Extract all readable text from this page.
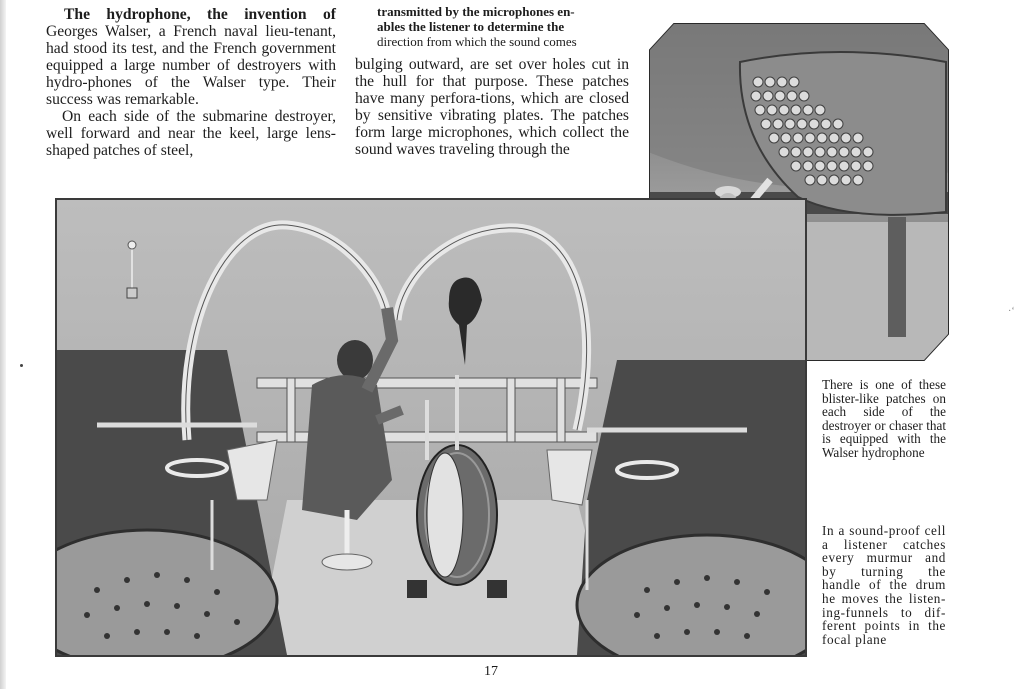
The hydrophone, the invention of Georges Walser, a French naval lieu-tenant, had stood its test, and the French government equipped a large number of destroyers with hydro-phones of the Walser type. Their success was remarkable.

On each side of the submarine destroyer, well forward and near the keel, large lens-shaped patches of steel,

transmitted by the microphones en-
ables the listener to determine the
direction from which the sound comes

bulging outward, are set over holes cut in the hull for that purpose. These patches have many perfora-tions, which are closed by sensitive vibrating plates. The patches form large microphones, which collect the sound waves traveling through the

There is one of these blister-like patches on each side of the destroyer or chaser that is equipped with the Walser hydrophone
In a sound-proof cell a listener catches every murmur and by turning the handle of the drum he moves the listen-ing-funnels to dif-ferent points in the focal plane
17
·‘
